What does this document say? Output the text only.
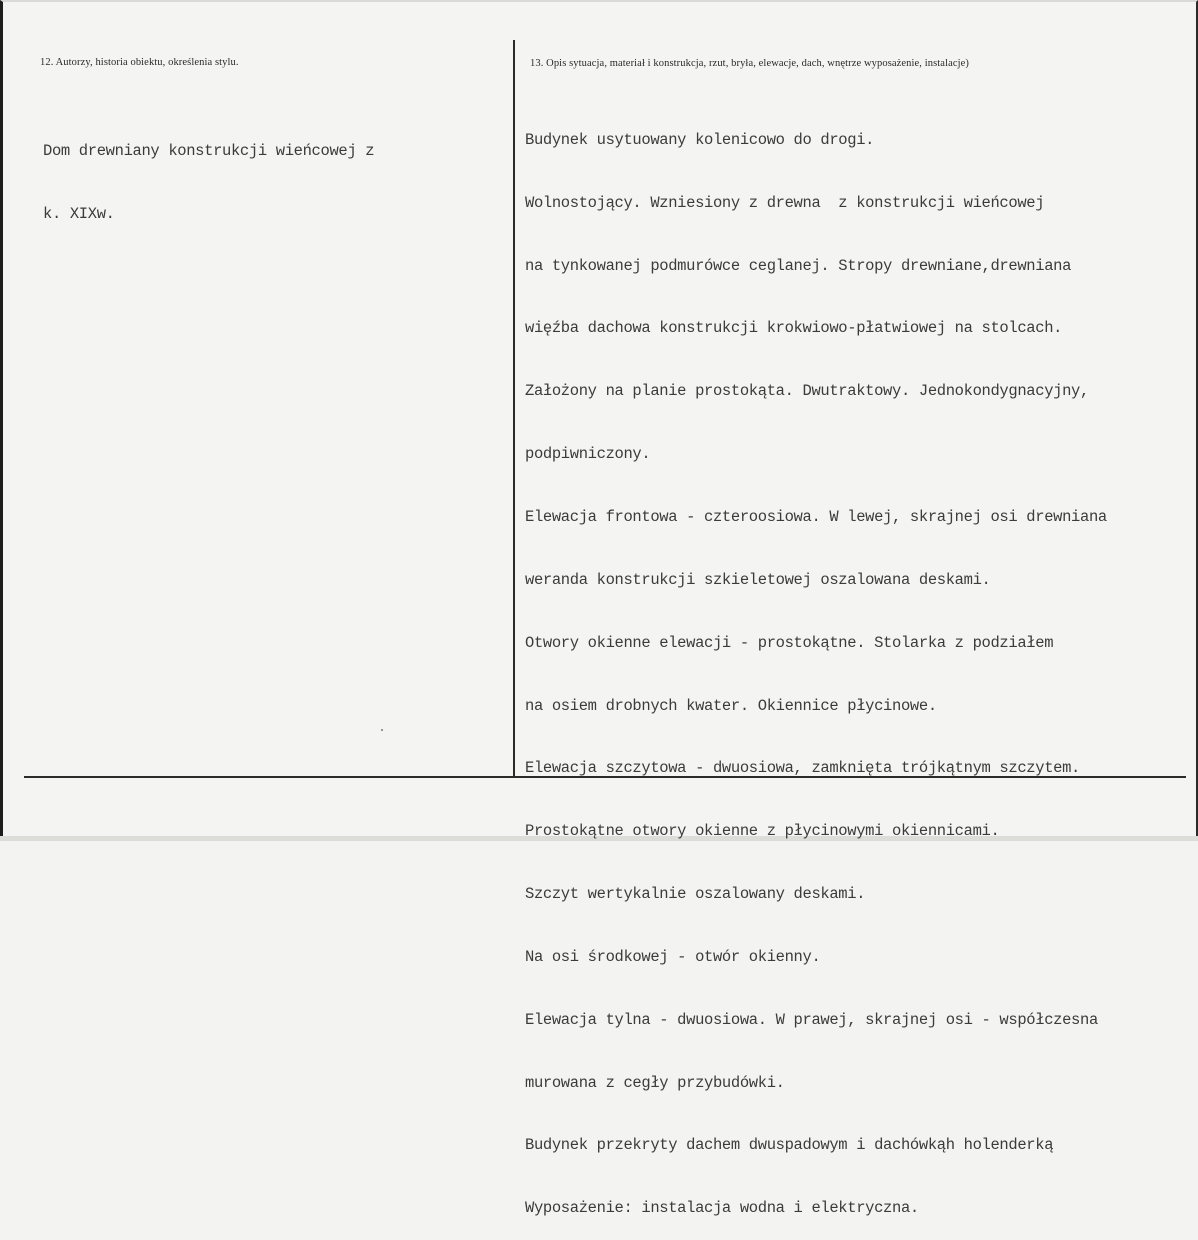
12. Autorzy, historia obiektu, określenia stylu.	13. Opis sytuacja, materiał i konstrukcja, rzut, bryła, elewacje, dach, wnętrze wyposażenie, instalacje)

Dom drewniany konstrukcji wieńcowej z

k. XIXw.

Budynek usytuowany kolenicowo do drogi.

Wolnostojący. Wzniesiony z drewna  z konstrukcji wieńcowej

na tynkowanej podmurówce ceglanej. Stropy drewniane,drewniana

więźba dachowa konstrukcji krokwiowo-płatwiowej na stolcach.

Założony na planie prostokąta. Dwutraktowy. Jednokondygnacyjny,

podpiwniczony.

Elewacja frontowa - czteroosiowa. W lewej, skrajnej osi drewniana

weranda konstrukcji szkieletowej oszalowana deskami.

Otwory okienne elewacji - prostokątne. Stolarka z podziałem

na osiem drobnych kwater. Okiennice płycinowe.

Elewacja szczytowa - dwuosiowa, zamknięta trójkątnym szczytem.

Prostokątne otwory okienne z płycinowymi okiennicami.

Szczyt wertykalnie oszalowany deskami.

Na osi środkowej - otwór okienny.

Elewacja tylna - dwuosiowa. W prawej, skrajnej osi - współczesna

murowana z cegły przybudówki.

Budynek przekryty dachem dwuspadowym i dachówkąh holenderką

Wyposażenie: instalacja wodna i elektryczna.
